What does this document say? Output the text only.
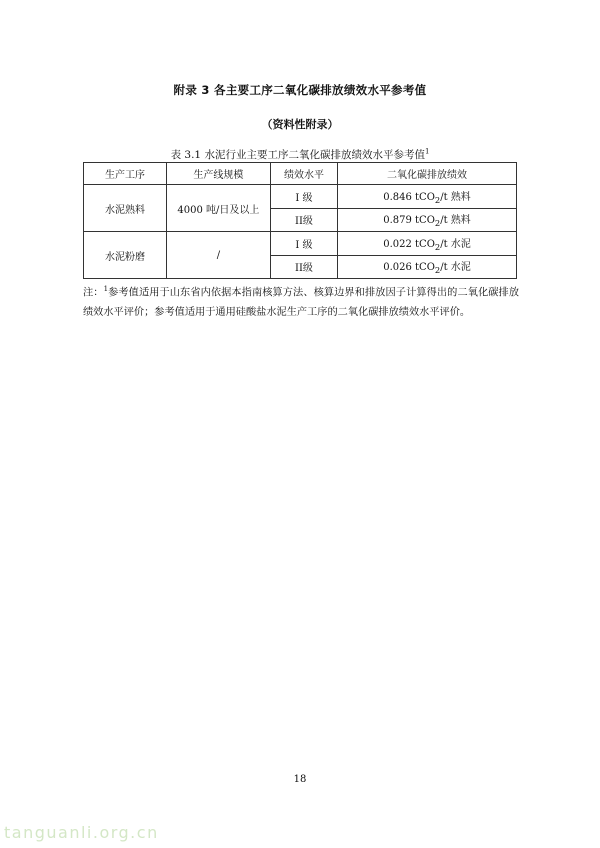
附录 3 各主要工序二氧化碳排放绩效水平参考值
（资料性附录）
表 3.1 水泥行业主要工序二氧化碳排放绩效水平参考值$^1$
生产工序	生产线规模	绩效水平	二氧化碳排放绩效
水泥熟料	4000 吨/日及以上	I 级	0.846 tCO$_2$/t 熟料
		II级	0.879 tCO$_2$/t 熟料
水泥粉磨	/	I 级	0.022 tCO$_2$/t 水泥
		II级	0.026 tCO$_2$/t 水泥
注：$^1$参考值适用于山东省内依据本指南核算方法、核算边界和排放因子计算得出的二氧化碳排放绩效水平评价；参考值适用于通用硅酸盐水泥生产工序的二氧化碳排放绩效水平评价。
18
tanguanli.org.cn
